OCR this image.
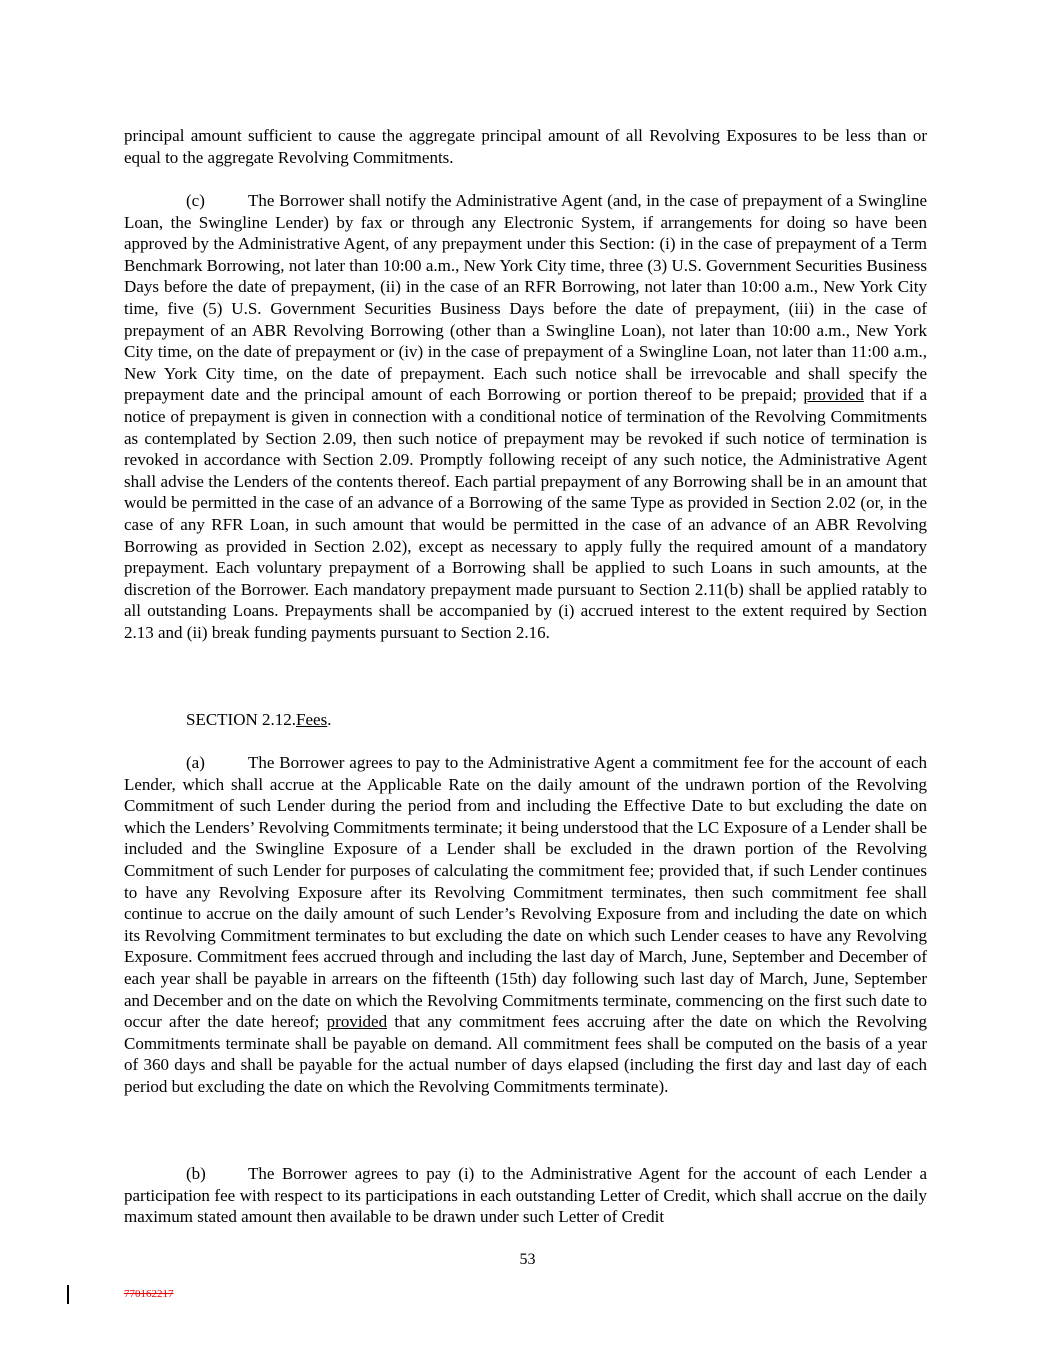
principal amount sufficient to cause the aggregate principal amount of all Revolving Exposures to be less than or equal to the aggregate Revolving Commitments.

(c)	The Borrower shall notify the Administrative Agent (and, in the case of prepayment of a Swingline Loan, the Swingline Lender) by fax or through any Electronic System, if arrangements for doing so have been approved by the Administrative Agent, of any prepayment under this Section: (i) in the case of prepayment of a Term Benchmark Borrowing, not later than 10:00 a.m., New York City time, three (3) U.S. Government Securities Business Days before the date of prepayment, (ii) in the case of an RFR Borrowing, not later than 10:00 a.m., New York City time, five (5) U.S. Government Securities Business Days before the date of prepayment, (iii) in the case of prepayment of an ABR Revolving Borrowing (other than a Swingline Loan), not later than 10:00 a.m., New York City time, on the date of prepayment or (iv) in the case of prepayment of a Swingline Loan, not later than 11:00 a.m., New York City time, on the date of prepayment. Each such notice shall be irrevocable and shall specify the prepayment date and the principal amount of each Borrowing or portion thereof to be prepaid; provided that if a notice of prepayment is given in connection with a conditional notice of termination of the Revolving Commitments as contemplated by Section 2.09, then such notice of prepayment may be revoked if such notice of termination is revoked in accordance with Section 2.09. Promptly following receipt of any such notice, the Administrative Agent shall advise the Lenders of the contents thereof. Each partial prepayment of any Borrowing shall be in an amount that would be permitted in the case of an advance of a Borrowing of the same Type as provided in Section 2.02 (or, in the case of any RFR Loan, in such amount that would be permitted in the case of an advance of an ABR Revolving Borrowing as provided in Section 2.02), except as necessary to apply fully the required amount of a mandatory prepayment. Each voluntary prepayment of a Borrowing shall be applied to such Loans in such amounts, at the discretion of the Borrower. Each mandatory prepayment made pursuant to Section 2.11(b) shall be applied ratably to all outstanding Loans. Prepayments shall be accompanied by (i) accrued interest to the extent required by Section 2.13 and (ii) break funding payments pursuant to Section 2.16.

SECTION 2.12.Fees.

(a)	The Borrower agrees to pay to the Administrative Agent a commitment fee for the account of each Lender, which shall accrue at the Applicable Rate on the daily amount of the undrawn portion of the Revolving Commitment of such Lender during the period from and including the Effective Date to but excluding the date on which the Lenders’ Revolving Commitments terminate; it being understood that the LC Exposure of a Lender shall be included and the Swingline Exposure of a Lender shall be excluded in the drawn portion of the Revolving Commitment of such Lender for purposes of calculating the commitment fee; provided that, if such Lender continues to have any Revolving Exposure after its Revolving Commitment terminates, then such commitment fee shall continue to accrue on the daily amount of such Lender’s Revolving Exposure from and including the date on which its Revolving Commitment terminates to but excluding the date on which such Lender ceases to have any Revolving Exposure. Commitment fees accrued through and including the last day of March, June, September and December of each year shall be payable in arrears on the fifteenth (15th) day following such last day of March, June, September and December and on the date on which the Revolving Commitments terminate, commencing on the first such date to occur after the date hereof; provided that any commitment fees accruing after the date on which the Revolving Commitments terminate shall be payable on demand. All commitment fees shall be computed on the basis of a year of 360 days and shall be payable for the actual number of days elapsed (including the first day and last day of each period but excluding the date on which the Revolving Commitments terminate).

(b) The Borrower agrees to pay (i) to the Administrative Agent for the account of each Lender a participation fee with respect to its participations in each outstanding Letter of Credit, which shall accrue on the daily maximum stated amount then available to be drawn under such Letter of Credit

53
770162217
